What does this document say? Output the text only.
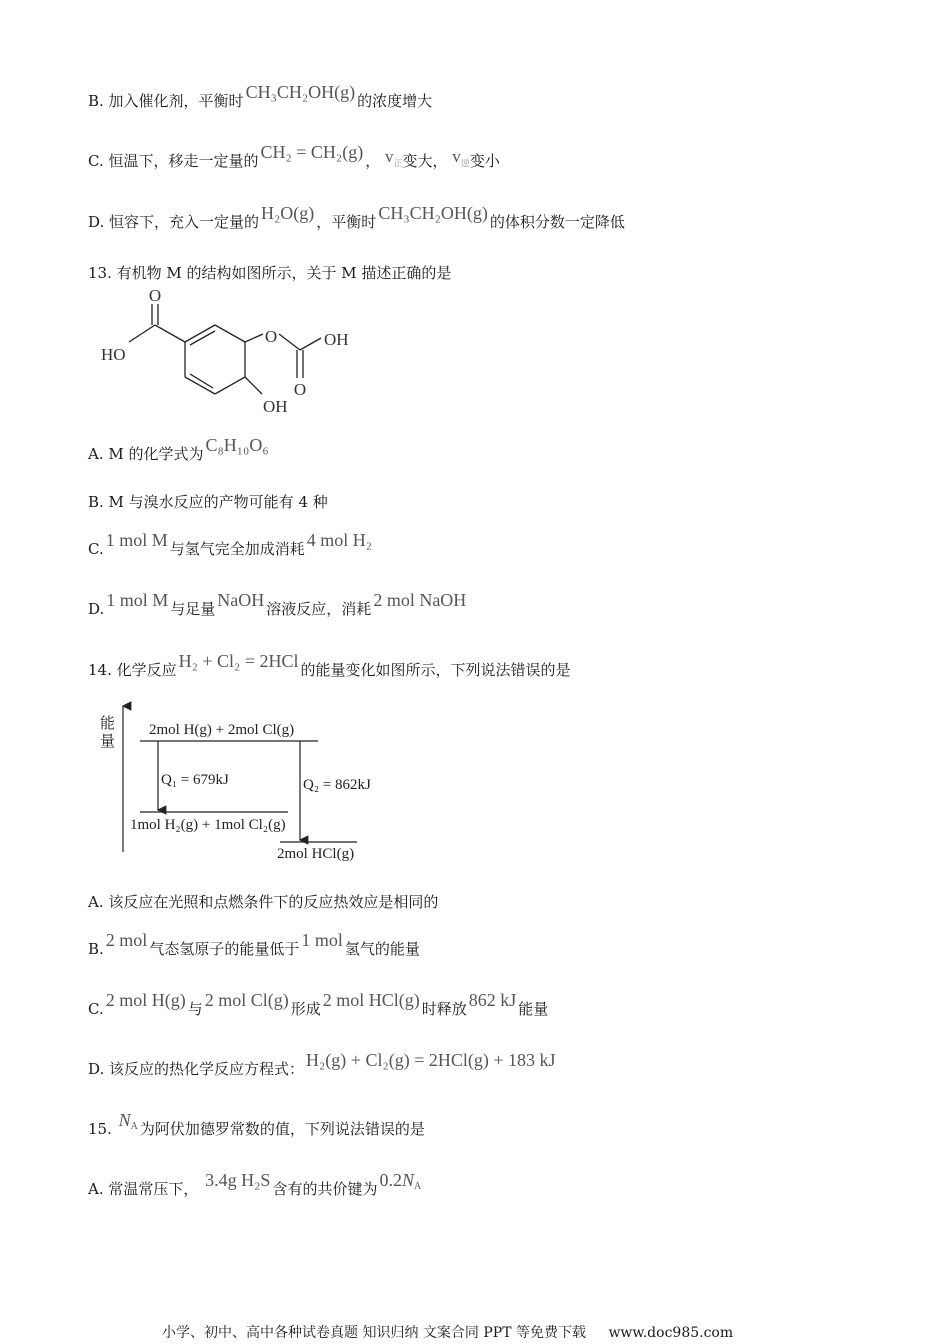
B. 加入催化剂，平衡时 CH₃CH₂OH(g) 的浓度增大
C. 恒温下，移走一定量的 CH₂ = CH₂(g) ， $v_正$变大， $v_逆$变小
D. 恒容下，充入一定量的 H₂O(g) ，平衡时 CH₃CH₂OH(g) 的体积分数一定降低
13. 有机物 M 的结构如图所示，关于 M 描述正确的是
O
HO
O	OH
O
OH
A. M 的化学式为 C₈H₁₀O₆
B. M 与溴水反应的产物可能有 4 种
C. 1 mol M 与氢气完全加成消耗 4 mol H₂
D. 1 mol M 与足量 NaOH 溶液反应，消耗 2 mol NaOH
14. 化学反应 H₂ + Cl₂ = 2HCl 的能量变化如图所示，下列说法错误的是
能
量
2mol H(g) + 2mol Cl(g)
Q₁ = 679kJ
1mol H₂(g) + 1mol Cl₂(g)
Q₂ = 862kJ
2mol HCl(g)
A. 该反应在光照和点燃条件下的反应热效应是相同的
B. 2 mol 气态氢原子的能量低于 1 mol 氢气的能量
C. 2 mol H(g) 与 2 mol Cl(g) 形成 2 mol HCl(g) 时释放 862 kJ 能量
D. 该反应的热化学反应方程式： H₂(g) + Cl₂(g) = 2HCl(g) + 183 kJ
15. $N_A$ 为阿伏加德罗常数的值，下列说法错误的是
A. 常温常压下， 3.4g H₂S 含有的共价键为 $0.2N_A$
小学、初中、高中各种试卷真题 知识归纳 文案合同 PPT 等免费下载 www.doc985.com
